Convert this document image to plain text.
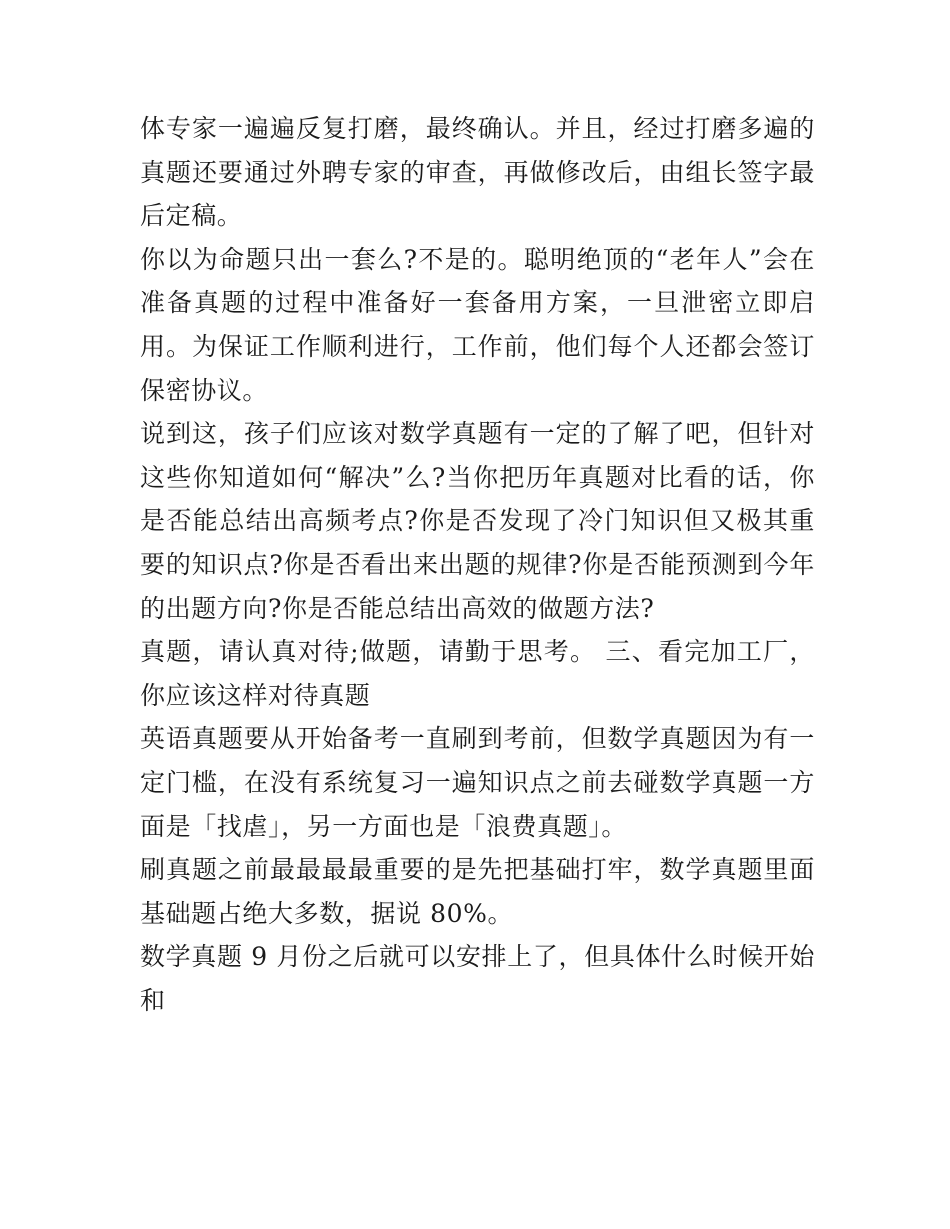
体专家一遍遍反复打磨，最终确认。并且，经过打磨多遍的真题还要通过外聘专家的审查，再做修改后，由组长签字最后定稿。

你以为命题只出一套么?不是的。聪明绝顶的“老年人”会在准备真题的过程中准备好一套备用方案，一旦泄密立即启用。为保证工作顺利进行，工作前，他们每个人还都会签订保密协议。

说到这，孩子们应该对数学真题有一定的了解了吧，但针对这些你知道如何“解决”么?当你把历年真题对比看的话，你是否能总结出高频考点?你是否发现了冷门知识但又极其重要的知识点?你是否看出来出题的规律?你是否能预测到今年的出题方向?你是否能总结出高效的做题方法?

真题，请认真对待;做题，请勤于思考。 三、看完加工厂，你应该这样对待真题

英语真题要从开始备考一直刷到考前，但数学真题因为有一定门槛，在没有系统复习一遍知识点之前去碰数学真题一方面是「找虐」，另一方面也是「浪费真题」。

刷真题之前最最最最重要的是先把基础打牢，数学真题里面基础题占绝大多数，据说 80%。

数学真题 9 月份之后就可以安排上了，但具体什么时候开始和
